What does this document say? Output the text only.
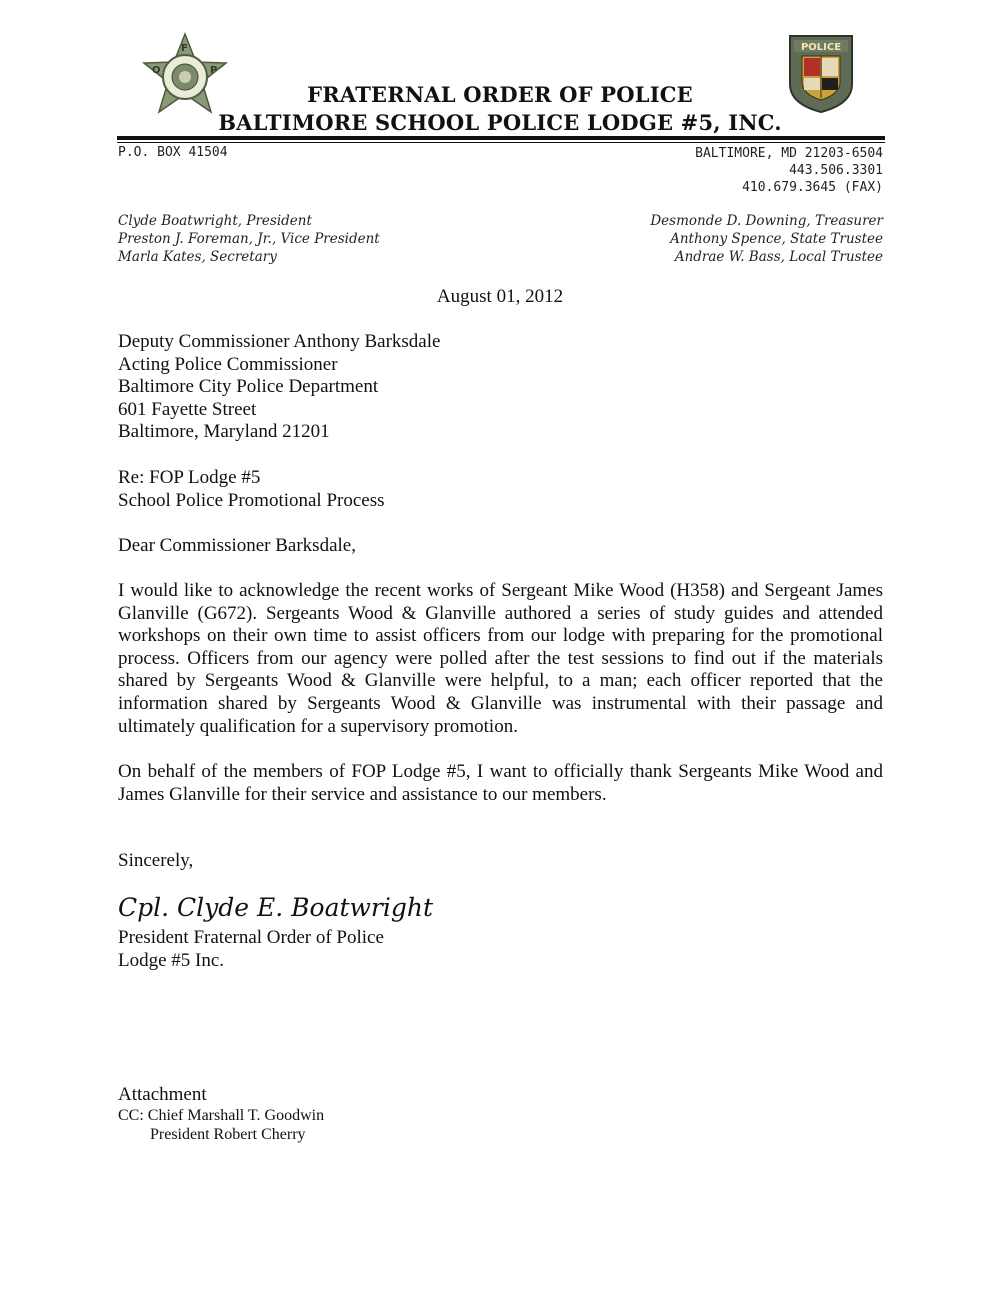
F
O	P
POLICE
FRATERNAL ORDER OF POLICE
BALTIMORE SCHOOL POLICE LODGE #5, INC.
P.O. BOX 41504	BALTIMORE, MD 21203-6504
443.506.3301
410.679.3645 (FAX)
Clyde Boatwright, President
Preston J. Foreman, Jr., Vice President
Marla Kates, Secretary
Desmonde D. Downing, Treasurer
Anthony Spence, State Trustee
Andrae W. Bass, Local Trustee
August 01, 2012
Deputy Commissioner Anthony Barksdale
Acting Police Commissioner
Baltimore City Police Department
601 Fayette Street
Baltimore, Maryland 21201
Re: FOP Lodge #5
School Police Promotional Process
Dear Commissioner Barksdale,
I would like to acknowledge the recent works of Sergeant Mike Wood (H358) and Sergeant James Glanville (G672). Sergeants Wood & Glanville authored a series of study guides and attended workshops on their own time to assist officers from our lodge with preparing for the promotional process. Officers from our agency were polled after the test sessions to find out if the materials shared by Sergeants Wood & Glanville were helpful, to a man; each officer reported that the information shared by Sergeants Wood & Glanville was instrumental with their passage and ultimately qualification for a supervisory promotion.
On behalf of the members of FOP Lodge #5, I want to officially thank Sergeants Mike Wood and James Glanville for their service and assistance to our members.
Sincerely,
Cpl. Clyde E. Boatwright
President Fraternal Order of Police
Lodge #5 Inc.
Attachment
CC: Chief Marshall T. Goodwin
President Robert Cherry
